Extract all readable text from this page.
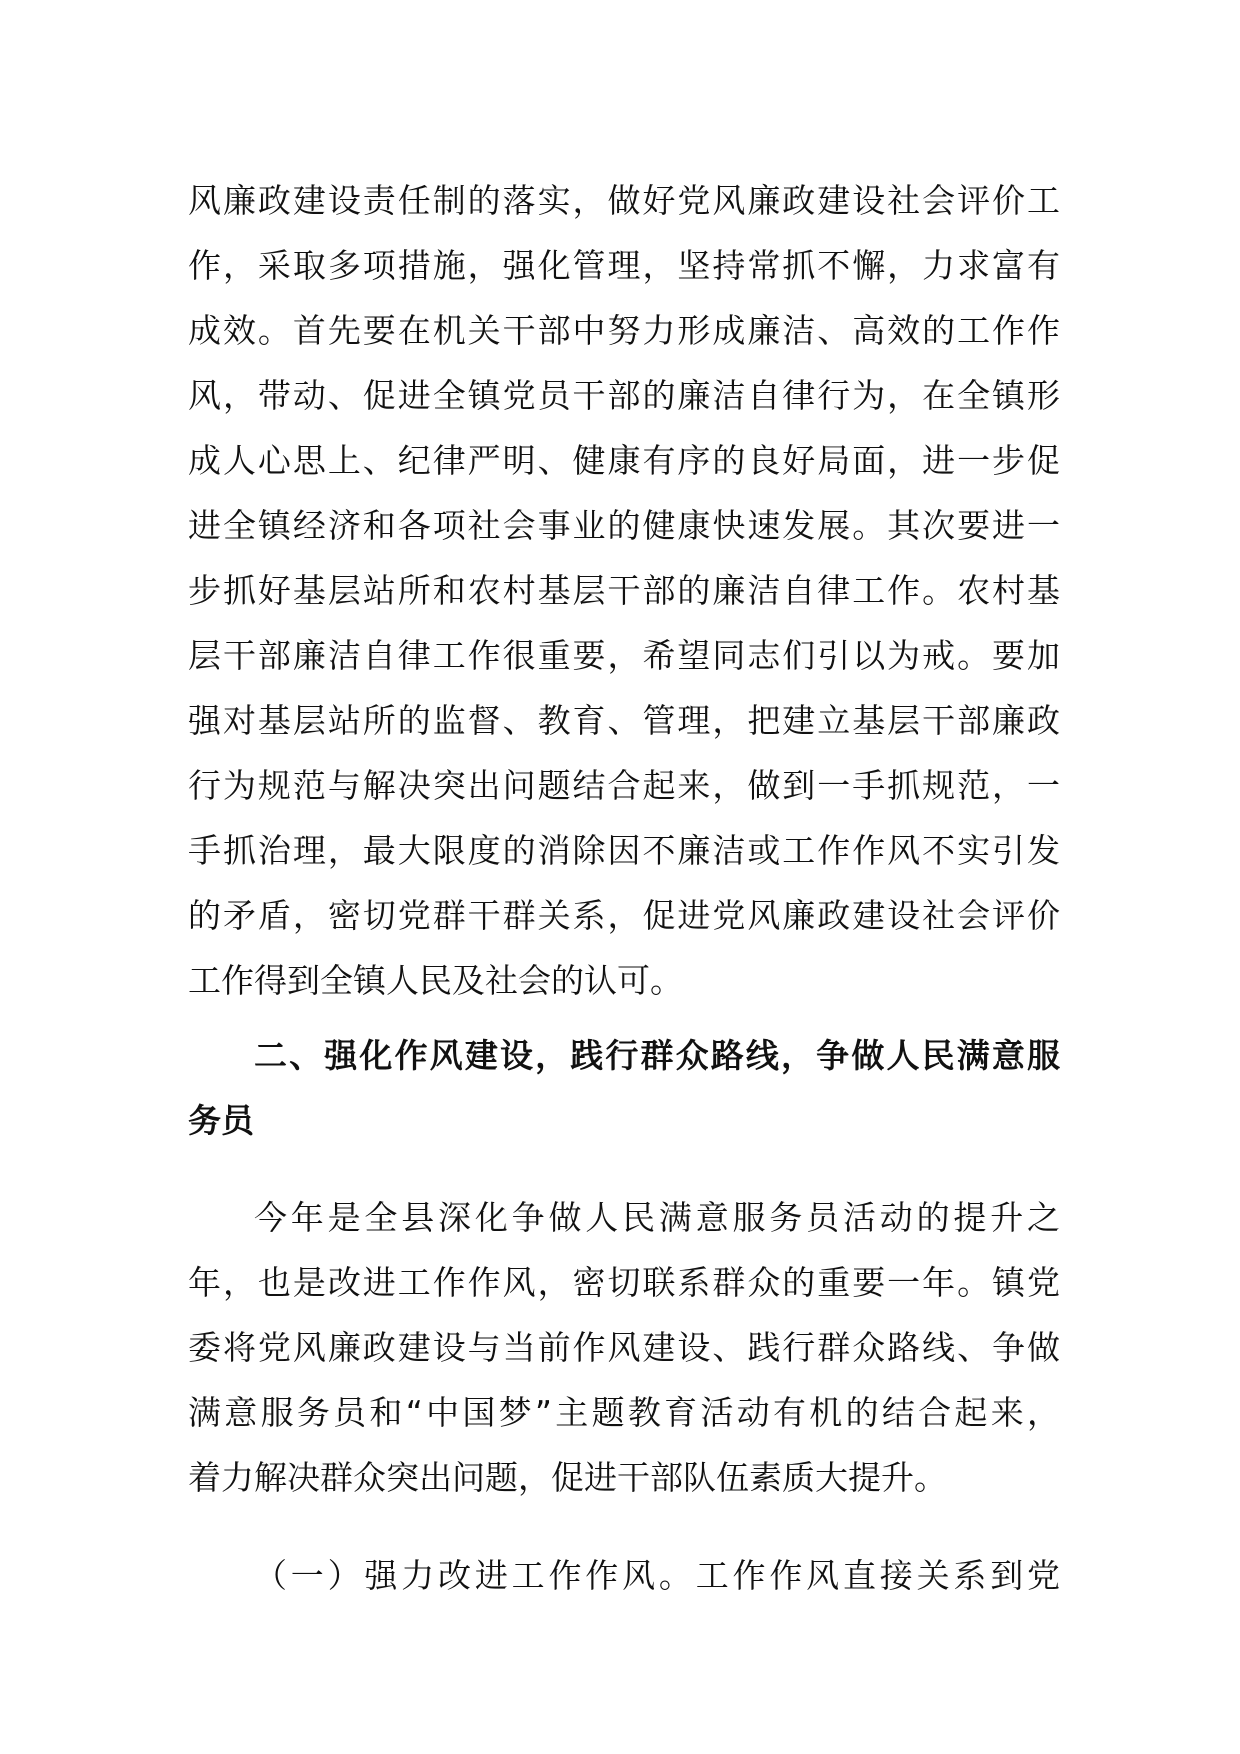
风廉政建设责任制的落实，做好党风廉政建设社会评价工
作，采取多项措施，强化管理，坚持常抓不懈，力求富有
成效。首先要在机关干部中努力形成廉洁、高效的工作作
风，带动、促进全镇党员干部的廉洁自律行为，在全镇形
成人心思上、纪律严明、健康有序的良好局面，进一步促
进全镇经济和各项社会事业的健康快速发展。其次要进一
步抓好基层站所和农村基层干部的廉洁自律工作。农村基
层干部廉洁自律工作很重要，希望同志们引以为戒。要加
强对基层站所的监督、教育、管理，把建立基层干部廉政
行为规范与解决突出问题结合起来，做到一手抓规范，一
手抓治理，最大限度的消除因不廉洁或工作作风不实引发
的矛盾，密切党群干群关系，促进党风廉政建设社会评价
工作得到全镇人民及社会的认可。
二、强化作风建设，践行群众路线，争做人民满意服
务员
今年是全县深化争做人民满意服务员活动的提升之
年，也是改进工作作风，密切联系群众的重要一年。镇党
委将党风廉政建设与当前作风建设、践行群众路线、争做
满意服务员和“中国梦”主题教育活动有机的结合起来，
着力解决群众突出问题，促进干部队伍素质大提升。
（一）强力改进工作作风。工作作风直接关系到党
